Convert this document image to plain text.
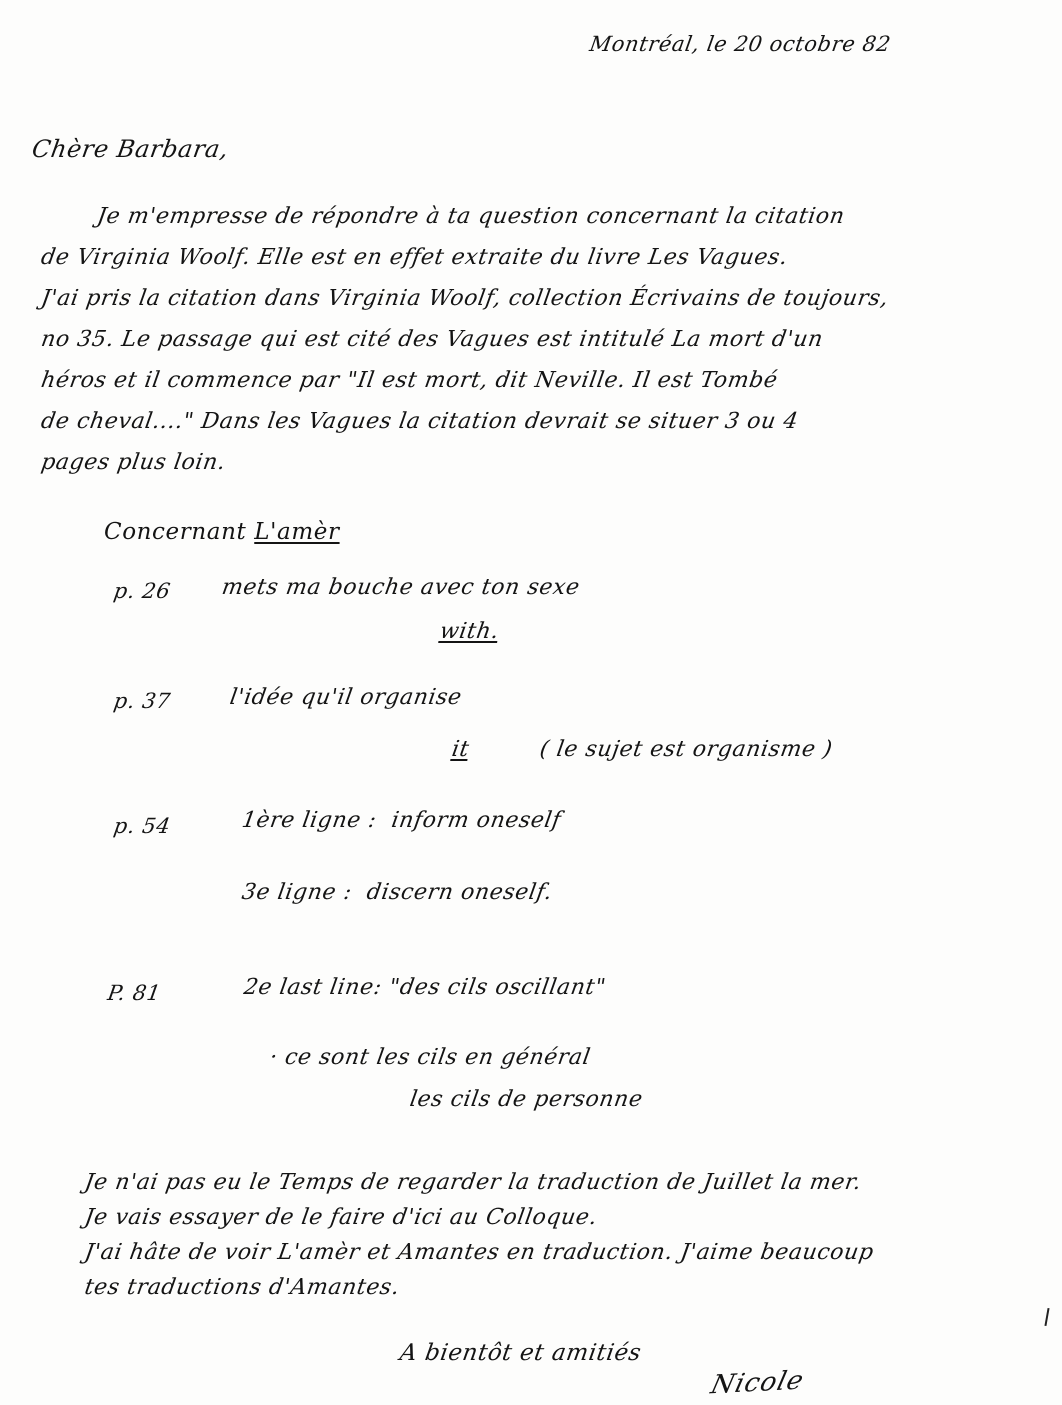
Montréal, le 20 octobre 82
Chère Barbara,
Je m'empresse de répondre à ta question concernant la citation
de Virginia Woolf. Elle est en effet extraite du livre Les Vagues.
J'ai pris la citation dans Virginia Woolf, collection Écrivains de toujours,
no 35. Le passage qui est cité des Vagues est intitulé La mort d'un
héros et il commence par "Il est mort, dit Neville. Il est Tombé
de cheval...." Dans les Vagues la citation devrait se situer 3 ou 4
pages plus loin.
Concernant L'amèr
p. 26 mets ma bouche avec ton sexe
with.
p. 37	l'idée qu'il organise
it	( le sujet est organisme )
p. 54	1ère ligne :  inform oneself
3e ligne :  discern oneself.
P. 81	2e last line: "des cils oscillant"
· ce sont les cils en général
les cils de personne
Je n'ai pas eu le Temps de regarder la traduction de Juillet la mer.
Je vais essayer de le faire d'ici au Colloque.
J'ai hâte de voir L'amèr et Amantes en traduction. J'aime beaucoup
tes traductions d'Amantes.
A bientôt et amitiés
Nicole
